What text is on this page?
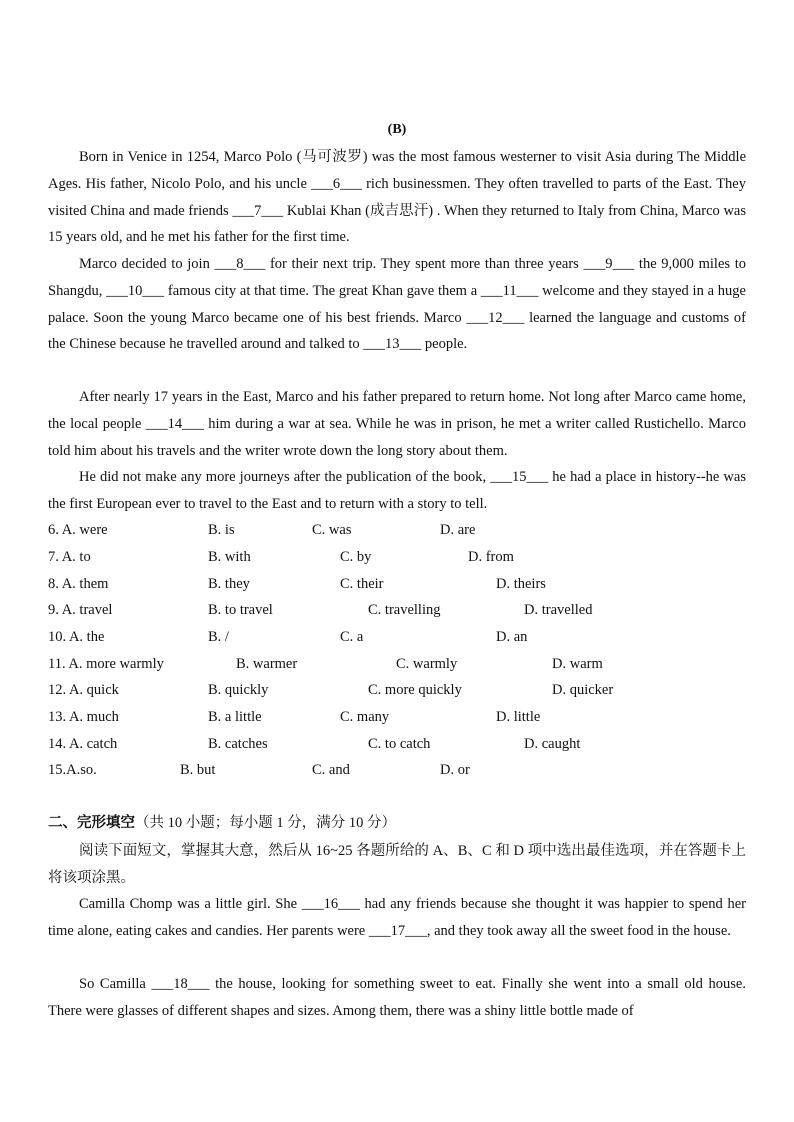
(B)
Born in Venice in 1254, Marco Polo (马可波罗) was the most famous westerner to visit Asia during The Middle Ages. His father, Nicolo Polo, and his uncle ___6___ rich businessmen. They often travelled to parts of the East. They visited China and made friends ___7___ Kublai Khan (成吉思汗) . When they returned to Italy from China, Marco was 15 years old, and he met his father for the first time.
Marco decided to join ___8___ for their next trip. They spent more than three years ___9___ the 9,000 miles to Shangdu, ___10___ famous city at that time. The great Khan gave them a ___11___ welcome and they stayed in a huge palace. Soon the young Marco became one of his best friends. Marco ___12___ learned the language and customs of the Chinese because he travelled around and talked to ___13___ people.
After nearly 17 years in the East, Marco and his father prepared to return home. Not long after Marco came home, the local people ___14___ him during a war at sea. While he was in prison, he met a writer called Rustichello. Marco told him about his travels and the writer wrote down the long story about them.
He did not make any more journeys after the publication of the book, ___15___ he had a place in history--he was the first European ever to travel to the East and to return with a story to tell.
6. A. were	B. is	C. was	D. are
7. A. to	B. with	C. by	D. from
8. A. them	B. they	C. their	D. theirs
9. A. travel	B. to travel	C. travelling	D. travelled
10. A. the	B. /	C. a	D. an
11. A. more warmly	B. warmer	C. warmly	D. warm
12. A. quick	B. quickly	C. more quickly	D. quicker
13. A. much	B. a little	C. many	D. little
14. A. catch	B. catches	C. to catch	D. caught
15.A.so.	B. but	C. and	D. or
二、完形填空（共 10 小题；每小题 1 分，满分 10 分）
阅读下面短文，掌握其大意，然后从 16~25 各题所给的 A、B、C 和 D 项中选出最佳选项，并在答题卡上将该项涂黑。
Camilla Chomp was a little girl. She ___16___ had any friends because she thought it was happier to spend her time alone, eating cakes and candies. Her parents were ___17___, and they took away all the sweet food in the house.
So Camilla ___18___ the house, looking for something sweet to eat. Finally she went into a small old house. There were glasses of different shapes and sizes. Among them, there was a shiny little bottle made of
